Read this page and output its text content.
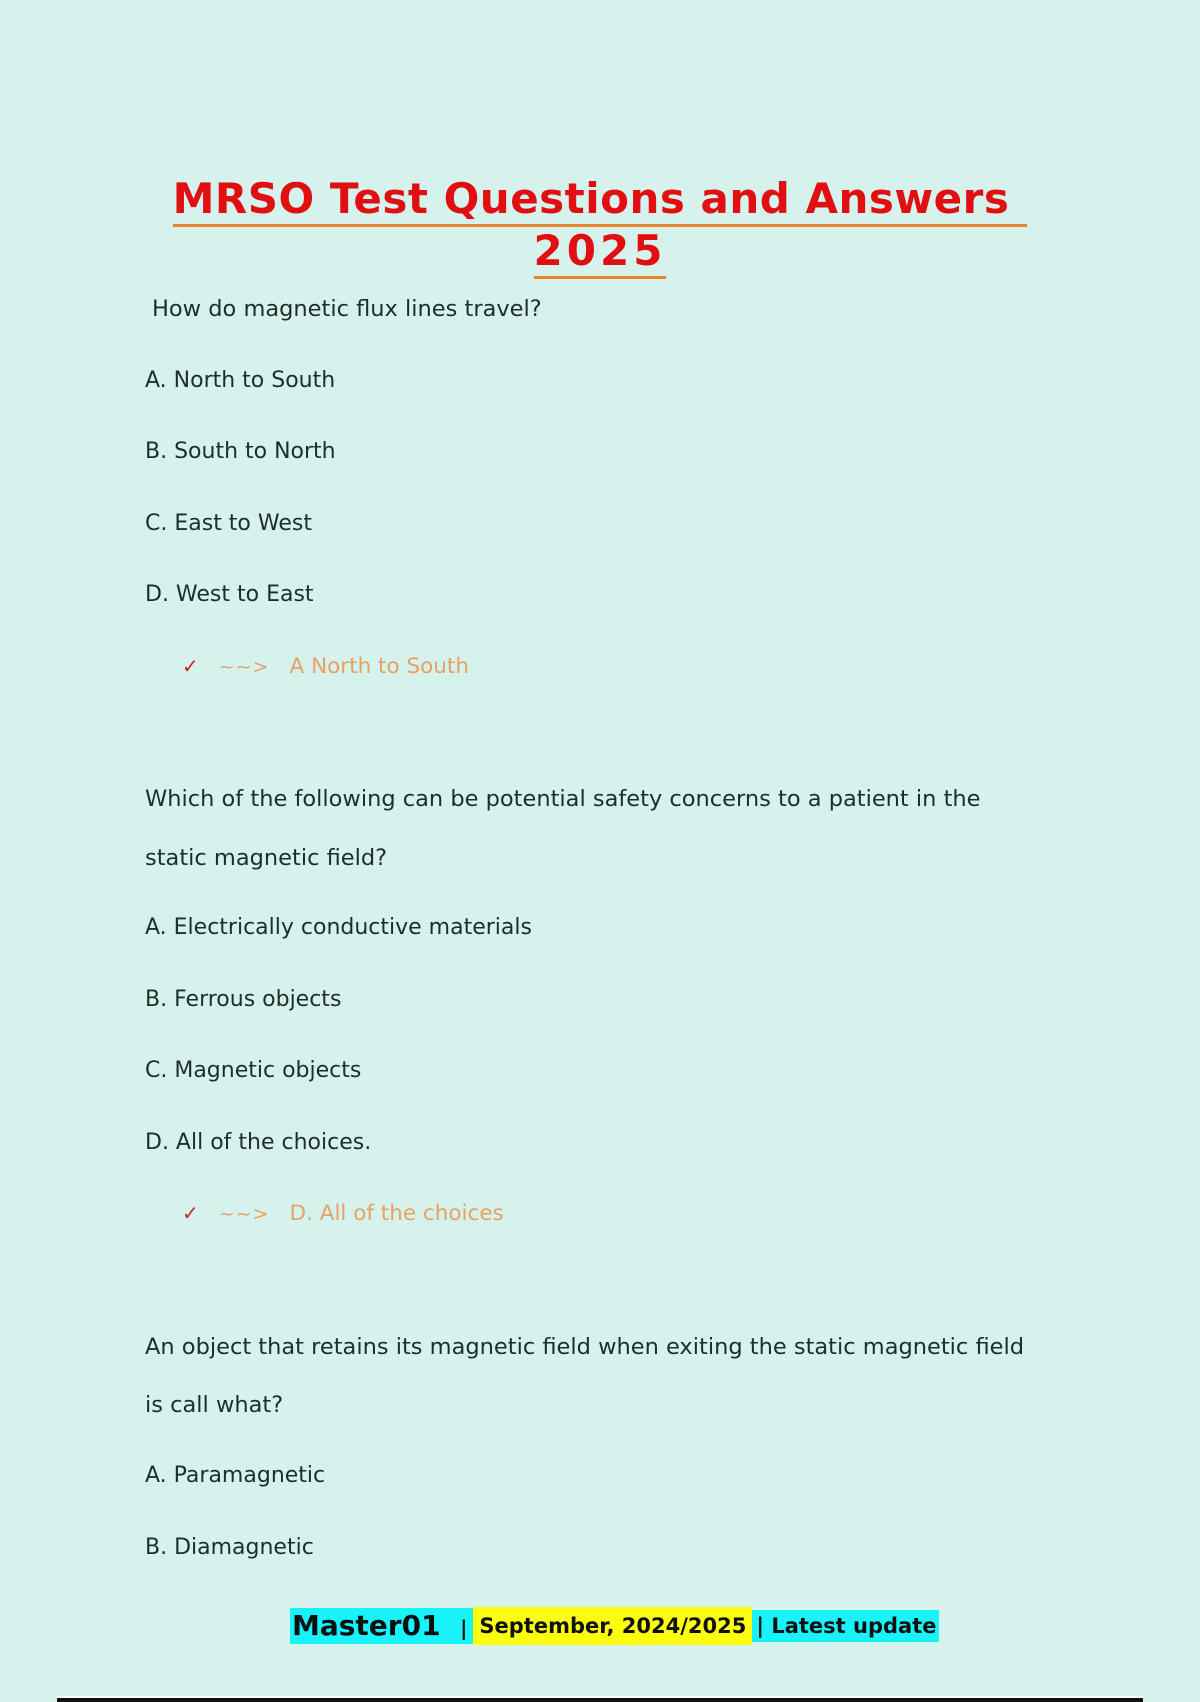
MRSO Test Questions and Answers
2025
How do magnetic flux lines travel?
A. North to South
B. South to North
C. East to West
D. West to East
✓ ~~> A North to South
Which of the following can be potential safety concerns to a patient in the
static magnetic field?
A. Electrically conductive materials
B. Ferrous objects
C. Magnetic objects
D. All of the choices.
✓ ~~> D. All of the choices
An object that retains its magnetic field when exiting the static magnetic field
is call what?
A. Paramagnetic
B. Diamagnetic
Master01 | September, 2024/2025 | Latest update
